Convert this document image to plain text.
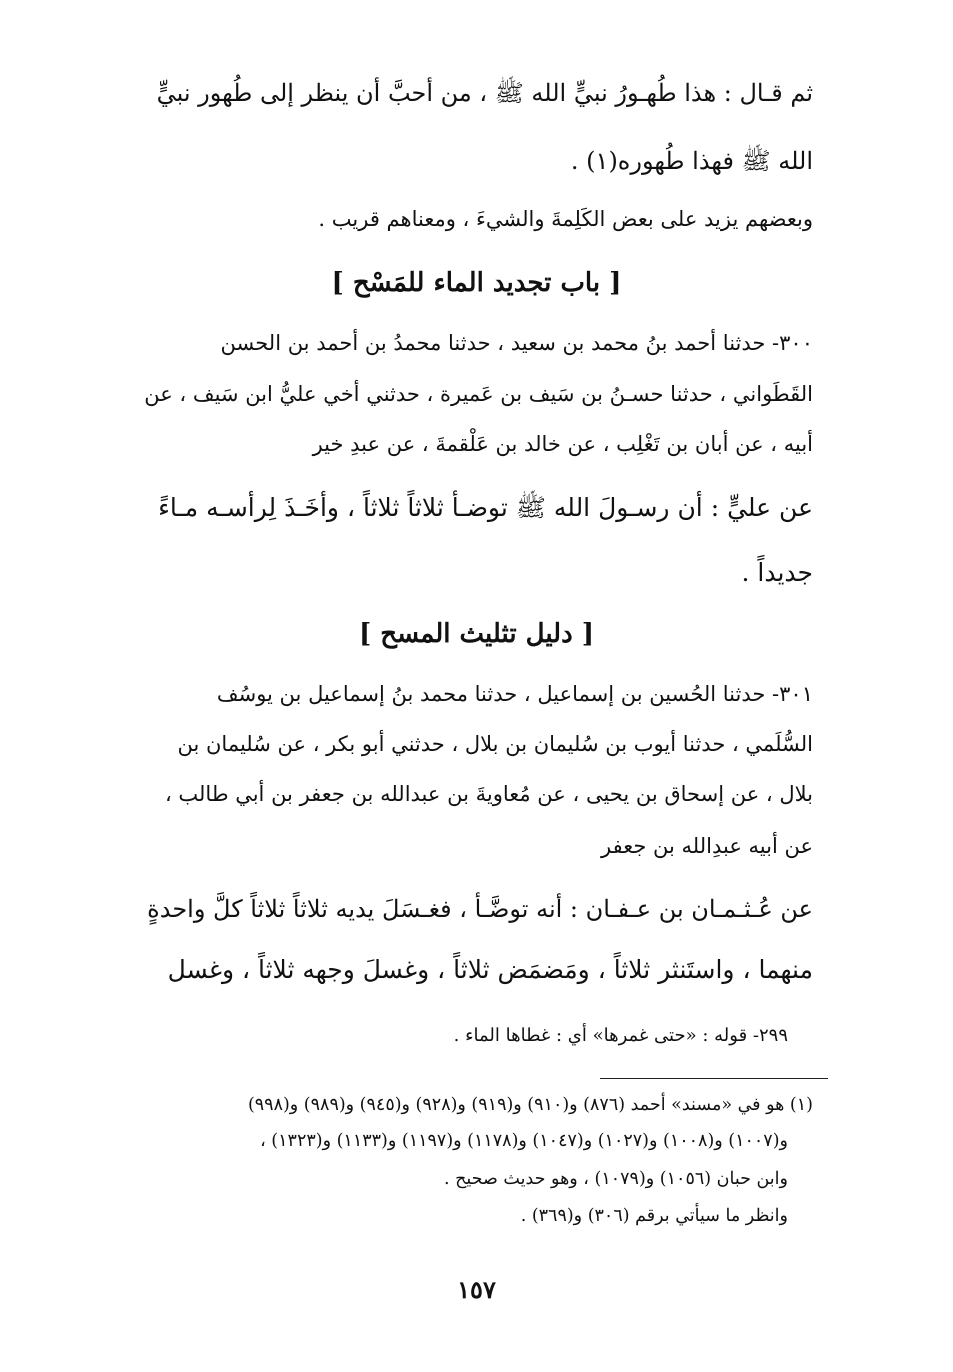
ثم قـال : هذا طُهـورُ نبيٍّ الله ﷺ ، من أحبَّ أن ينظر إلى طُهور نبيٍّ
الله ﷺ فهذا طُهوره(١) .
وبعضهم يزيد على بعض الكَلِمةَ والشيءَ ، ومعناهم قريب .
[ باب تجديد الماء للمَسْح ]
٣٠٠- حدثنا أحمد بنُ محمد بن سعيد ، حدثنا محمدُ بن أحمد بن الحسن
القَطَواني ، حدثنا حسـنُ بن سَيف بن عَميرة ، حدثني أخي عليُّ ابن سَيف ، عن
أبيه ، عن أبان بن تَغْلِب ، عن خالد بن عَلْقمةَ ، عن عبدِ خير
عن عليٍّ : أن رسـولَ الله ﷺ توضـأ ثلاثاً ثلاثاً ، وأخَـذَ لِرأسـه مـاءً
جديداً .
[ دليل تثليث المسح ]
٣٠١- حدثنا الحُسين بن إسماعيل ، حدثنا محمد بنُ إسماعيل بن يوسُف
السُّلَمي ، حدثنا أيوب بن سُليمان بن بلال ، حدثني أبو بكر ، عن سُليمان بن
بلال ، عن إسحاق بن يحيى ، عن مُعاويةَ بن عبدالله بن جعفر بن أبي طالب ،
عن أبيه عبدِالله بن جعفر
عن عُـثـمـان بن عـفـان : أنه توضَّـأ ، فغـسَلَ يديه ثلاثاً ثلاثاً كلَّ واحدةٍ
منهما ، واستَنثر ثلاثاً ، ومَضمَض ثلاثاً ، وغسلَ وجهه ثلاثاً ، وغسل
٢٩٩- قوله : «حتى غمرها» أي : غطاها الماء .
(١) هو في «مسند» أحمد (٨٧٦) و(٩١٠) و(٩١٩) و(٩٢٨) و(٩٤٥) و(٩٨٩) و(٩٩٨)
و(١٠٠٧) و(١٠٠٨) و(١٠٢٧) و(١٠٤٧) و(١١٧٨) و(١١٩٧) و(١١٣٣) و(١٣٢٣) ،
وابن حبان (١٠٥٦) و(١٠٧٩) ، وهو حديث صحيح .
وانظر ما سيأتي برقم (٣٠٦) و(٣٦٩) .
١٥٧
